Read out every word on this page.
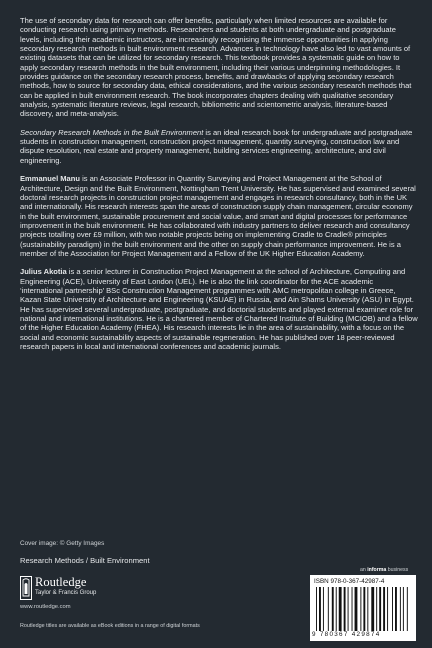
The use of secondary data for research can offer benefits, particularly when limited resources are available for conducting research using primary methods. Researchers and students at both undergraduate and postgraduate levels, including their academic instructors, are increasingly recognising the immense opportunities in applying secondary research methods in built environment research. Advances in technology have also led to vast amounts of existing datasets that can be utilized for secondary research. This textbook provides a systematic guide on how to apply secondary research methods in the built environment, including their various underpinning methodologies. It provides guidance on the secondary research process, benefits, and drawbacks of applying secondary research methods, how to source for secondary data, ethical considerations, and the various secondary research methods that can be applied in built environment research. The book incorporates chapters dealing with qualitative secondary analysis, systematic literature reviews, legal research, bibliometric and scientometric analysis, literature-based discovery, and meta-analysis.

Secondary Research Methods in the Built Environment is an ideal research book for undergraduate and postgraduate students in construction management, construction project management, quantity surveying, construction law and dispute resolution, real estate and property management, building services engineering, architecture, and civil engineering.

Emmanuel Manu is an Associate Professor in Quantity Surveying and Project Management at the School of Architecture, Design and the Built Environment, Nottingham Trent University. He has supervised and examined several doctoral research projects in construction project management and engages in research consultancy, both in the UK and internationally. His research interests span the areas of construction supply chain management, circular economy in the built environment, sustainable procurement and social value, and smart and digital processes for performance improvement in the built environment. He has collaborated with industry partners to deliver research and consultancy projects totalling over £9 million, with two notable projects being on implementing Cradle to Cradle® principles (sustainability paradigm) in the built environment and the other on supply chain performance improvement. He is a member of the Association for Project Management and a Fellow of the UK Higher Education Academy.

Julius Akotia is a senior lecturer in Construction Project Management at the school of Architecture, Computing and Engineering (ACE), University of East London (UEL). He is also the link coordinator for the ACE academic ‘international partnership’ BSc Construction Management programmes with AMC metropolitan college in Greece, Kazan State University of Architecture and Engineering (KSUAE) in Russia, and Ain Shams University (ASU) in Egypt. He has supervised several undergraduate, postgraduate, and doctorial students and played external examiner role for national and international institutions. He is a chartered member of Chartered Institute of Building (MCIOB) and a fellow of the Higher Education Academy (FHEA). His research interests lie in the area of sustainability, with a focus on the social and economic sustainability aspects of sustainable regeneration. He has published over 18 peer-reviewed research papers in local and international conferences and academic journals.

Cover image: © Getty Images
Research Methods / Built Environment
Routledge
Taylor & Francis Group
www.routledge.com
Routledge titles are available as eBook editions in a range of digital formats
an informa business
ISBN 978-0-367-42987-4
9 780367 429874
